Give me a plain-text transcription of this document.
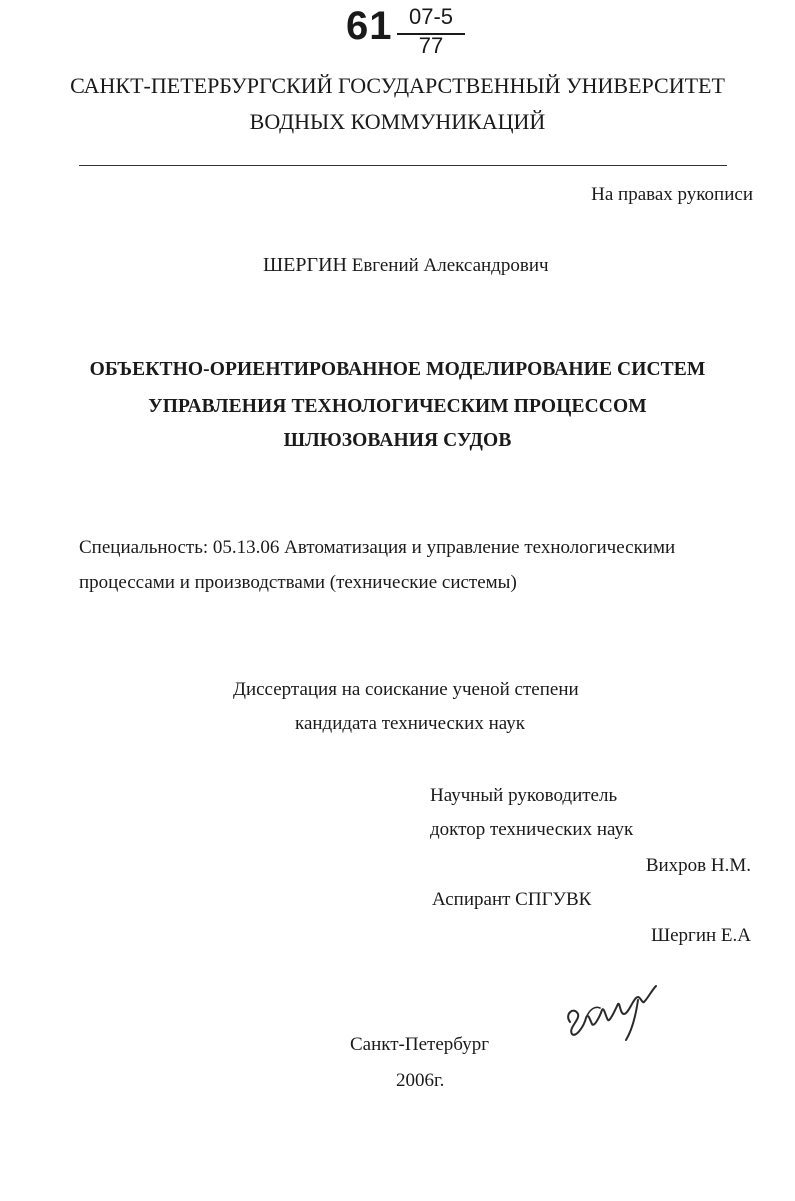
61 07-5
77
САНКТ-ПЕТЕРБУРГСКИЙ ГОСУДАРСТВЕННЫЙ УНИВЕРСИТЕТ
ВОДНЫХ КОММУНИКАЦИЙ
На правах рукописи
ШЕРГИН Евгений Александрович
ОБЪЕКТНО-ОРИЕНТИРОВАННОЕ МОДЕЛИРОВАНИЕ СИСТЕМ
УПРАВЛЕНИЯ ТЕХНОЛОГИЧЕСКИМ ПРОЦЕССОМ
ШЛЮЗОВАНИЯ СУДОВ
Специальность: 05.13.06 Автоматизация и управление технологическими
процессами и производствами (технические системы)
Диссертация на соискание ученой степени
кандидата технических наук
Научный руководитель
доктор технических наук
Вихров Н.М.
Аспирант СПГУВК
Шергин Е.А
Санкт-Петербург
2006г.
